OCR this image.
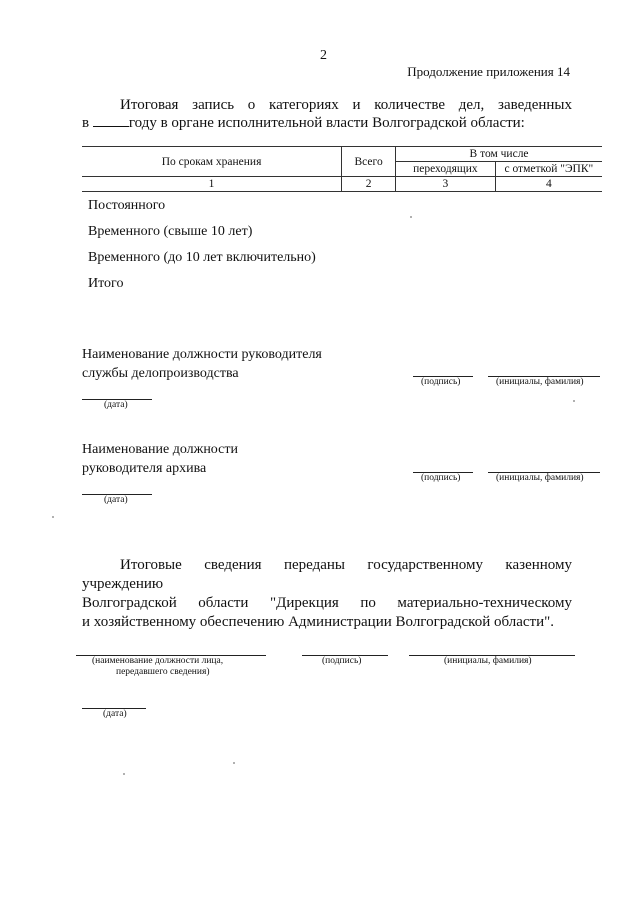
2
Продолжение приложения 14
Итоговая запись о категориях и количестве дел, заведенных
в	году в органе исполнительной власти Волгоградской области:
По срокам хранения	Всего	В том числе	
		переходящих	с отметкой "ЭПК"
1	2	3	4
Постоянного
Временного (свыше 10 лет)
Временного (до 10 лет включительно)
Итого
Наименование должности руководителя
службы делопроизводства
(подпись)	(инициалы, фамилия)
(дата)
Наименование должности
руководителя архива
(подпись)	(инициалы, фамилия)
(дата)
Итоговые сведения переданы государственному казенному учреждению
Волгоградской области "Дирекция по материально-техническому
и хозяйственному обеспечению Администрации Волгоградской области".
(наименование должности лица,
передавшего сведения)
(подпись)	(инициалы, фамилия)
(дата)
